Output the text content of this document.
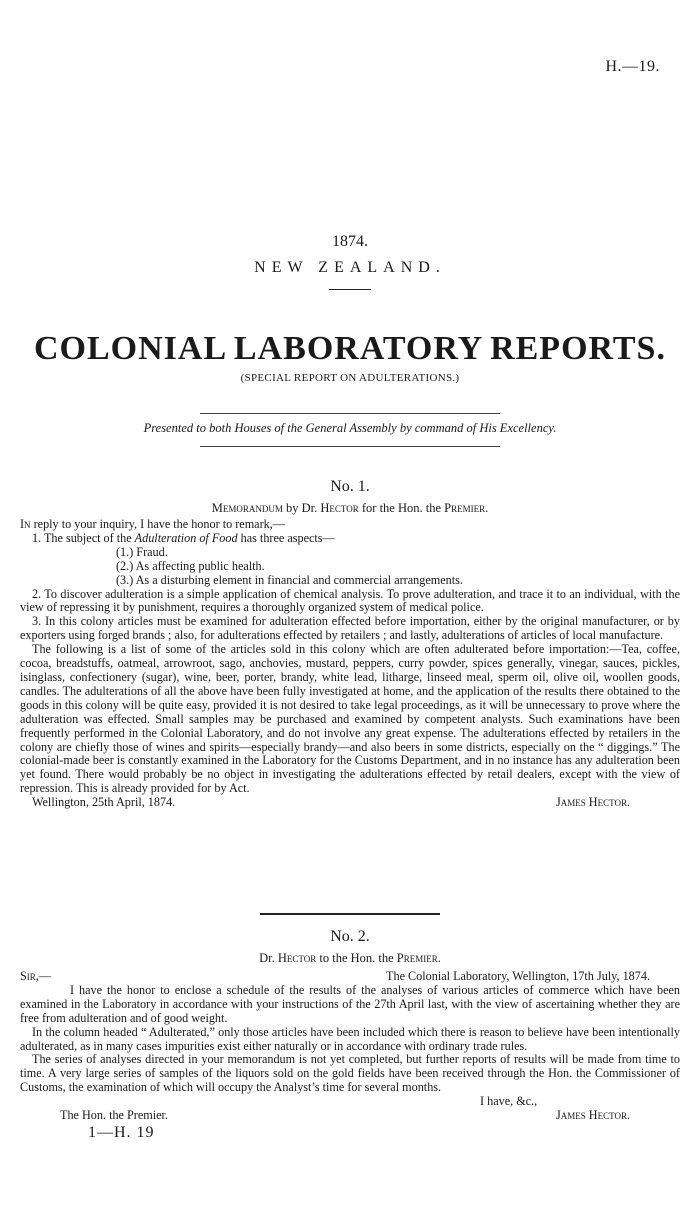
H.—19.
1874.
NEW ZEALAND.
COLONIAL LABORATORY REPORTS.
(SPECIAL REPORT ON ADULTERATIONS.)
Presented to both Houses of the General Assembly by command of His Excellency.
No. 1.
Memorandum by Dr. Hector for the Hon. the Premier.

In reply to your inquiry, I have the honor to remark,—

1. The subject of the Adulteration of Food has three aspects—

(1.) Fraud.

(2.) As affecting public health.

(3.) As a disturbing element in financial and commercial arrangements.

2. To discover adulteration is a simple application of chemical analysis. To prove adulteration, and trace it to an individual, with the view of repressing it by punishment, requires a thoroughly organized system of medical police.

3. In this colony articles must be examined for adulteration effected before importation, either by the original manufacturer, or by exporters using forged brands ; also, for adulterations effected by retailers ; and lastly, adulterations of articles of local manufacture.

The following is a list of some of the articles sold in this colony which are often adulterated before importation:—Tea, coffee, cocoa, breadstuffs, oatmeal, arrowroot, sago, anchovies, mustard, peppers, curry powder, spices generally, vinegar, sauces, pickles, isinglass, confectionery (sugar), wine, beer, porter, brandy, white lead, litharge, linseed meal, sperm oil, olive oil, woollen goods, candles. The adulterations of all the above have been fully investigated at home, and the application of the results there obtained to the goods in this colony will be quite easy, provided it is not desired to take legal proceedings, as it will be unnecessary to prove where the adulteration was effected. Small samples may be purchased and examined by competent analysts. Such examinations have been frequently performed in the Colonial Laboratory, and do not involve any great expense. The adulterations effected by retailers in the colony are chiefly those of wines and spirits—especially brandy—and also beers in some districts, especially on the “ diggings.” The colonial-made beer is constantly examined in the Laboratory for the Customs Department, and in no instance has any adulteration been yet found. There would probably be no object in investigating the adulterations effected by retail dealers, except with the view of repression. This is already provided for by Act.

Wellington, 25th April, 1874.	James Hector.

No. 2.
Dr. Hector to the Hon. the Premier.

Sir,—	The Colonial Laboratory, Wellington, 17th July, 1874.

I have the honor to enclose a schedule of the results of the analyses of various articles of commerce which have been examined in the Laboratory in accordance with your instructions of the 27th April last, with the view of ascertaining whether they are free from adulteration and of good weight.

In the column headed “ Adulterated,” only those articles have been included which there is reason to believe have been intentionally adulterated, as in many cases impurities exist either naturally or in accordance with ordinary trade rules.

The series of analyses directed in your memorandum is not yet completed, but further reports of results will be made from time to time. A very large series of samples of the liquors sold on the gold fields have been received through the Hon. the Commissioner of Customs, the examination of which will occupy the Analyst’s time for several months.

I have, &c.,

The Hon. the Premier.	James Hector.

1—H. 19
